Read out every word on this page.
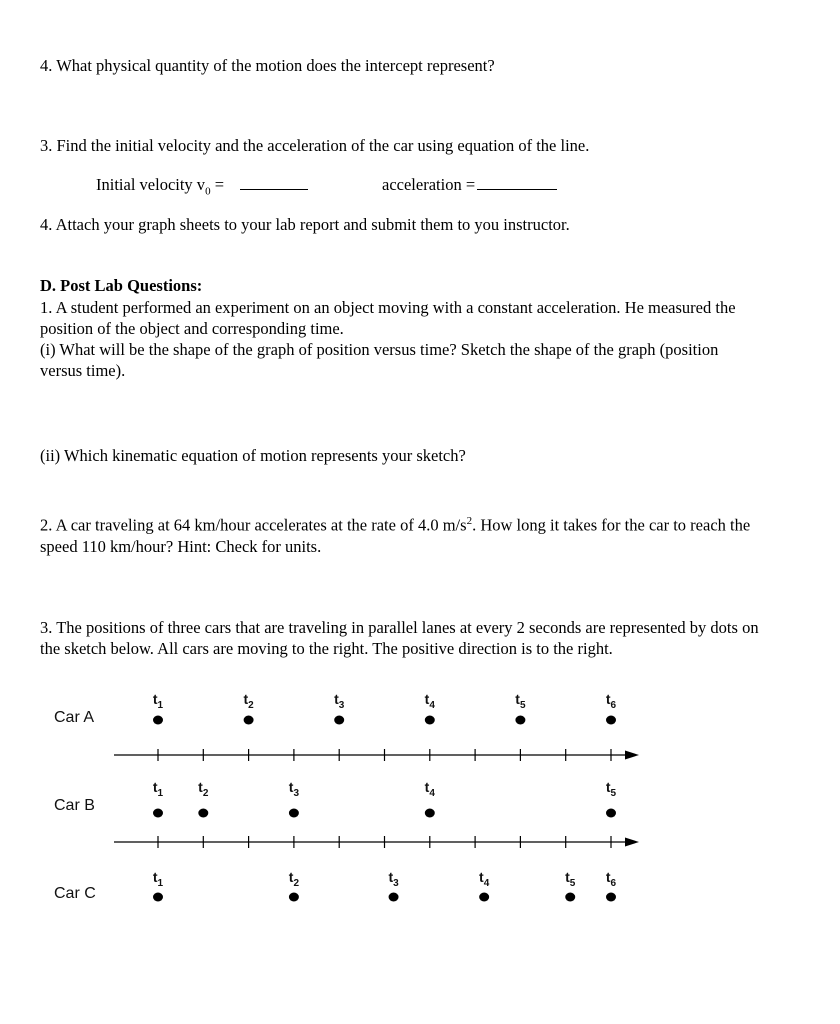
4. What physical quantity of the motion does the intercept represent?
3. Find the initial velocity and the acceleration of the car using equation of the line.
Initial velocity $v_0$ =	acceleration =
4. Attach your graph sheets to your lab report and submit them to you instructor.
D. Post Lab Questions:
1. A student performed an experiment on an object moving with a constant acceleration. He measured the position of the object and corresponding time.
(i) What will be the shape of the graph of position versus time? Sketch the shape of the graph (position versus time).
(ii) Which kinematic equation of motion represents your sketch?
2. A car traveling at 64 km/hour accelerates at the rate of 4.0 $m/s^2$. How long it takes for the car to reach the speed 110 km/hour? Hint: Check for units.
3. The positions of three cars that are traveling in parallel lanes at every 2 seconds are represented by dots on the sketch below. All cars are moving to the right. The positive direction is to the right.
Car A
$t_1$	$t_2$	$t_3$	$t_4$	$t_5$	$t_6$
Car B
$t_1$	$t_2$	$t_3$	$t_4$	$t_5$
Car C
$t_1$	$t_2$	$t_3$	$t_4$	$t_5$ $t_6$
